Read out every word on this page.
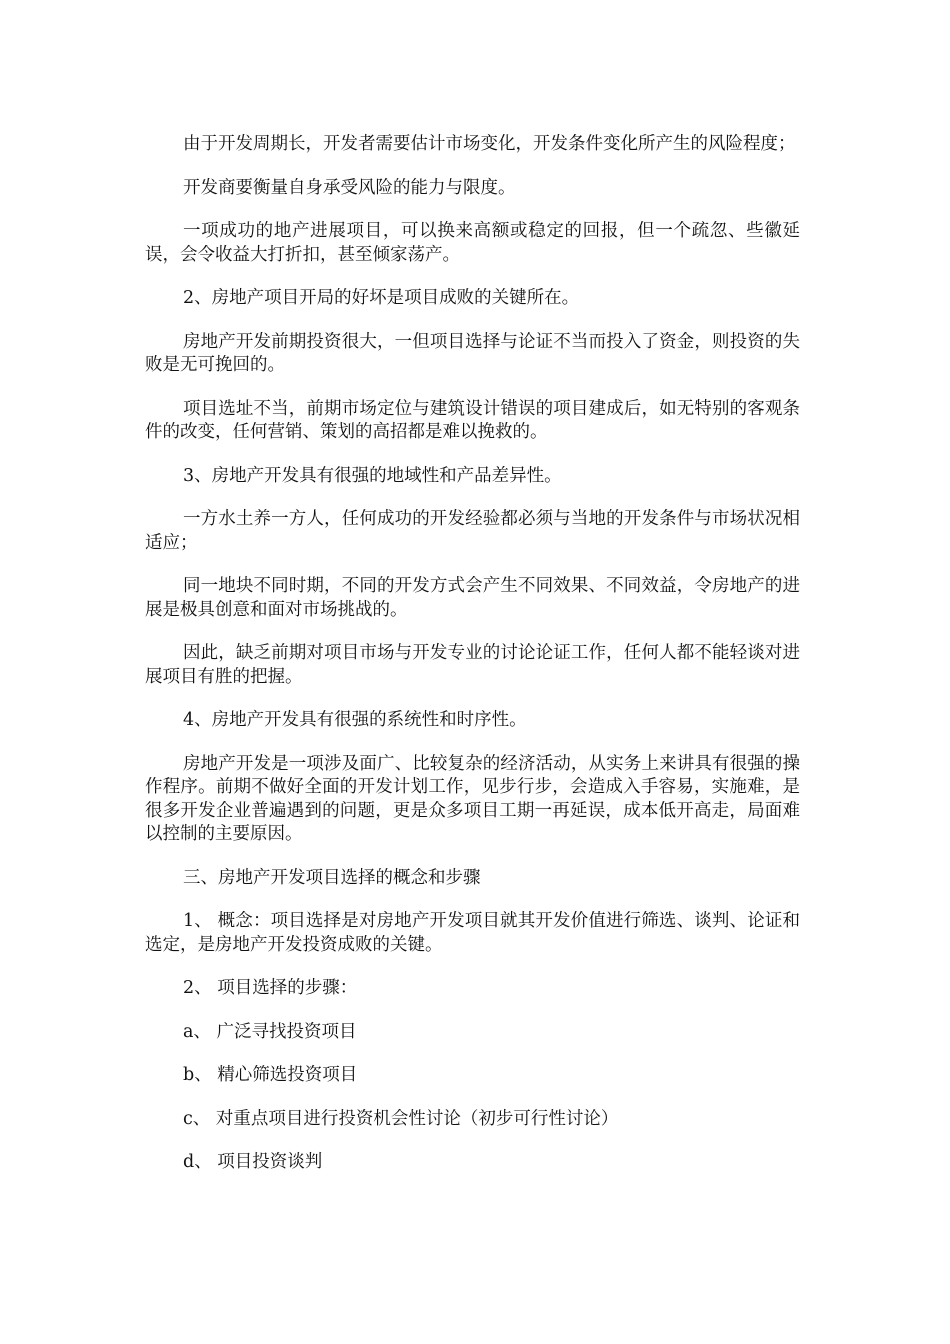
由于开发周期长，开发者需要估计市场变化，开发条件变化所产生的风险程度；

开发商要衡量自身承受风险的能力与限度。

一项成功的地产进展项目，可以换来高额或稳定的回报，但一个疏忽、些徽延误，会令收益大打折扣，甚至倾家荡产。

2、房地产项目开局的好坏是项目成败的关键所在。

房地产开发前期投资很大，一但项目选择与论证不当而投入了资金，则投资的失败是无可挽回的。

项目选址不当，前期市场定位与建筑设计错误的项目建成后，如无特别的客观条件的改变，任何营销、策划的高招都是难以挽救的。

3、房地产开发具有很强的地域性和产品差异性。

一方水土养一方人，任何成功的开发经验都必须与当地的开发条件与市场状况相适应；

同一地块不同时期，不同的开发方式会产生不同效果、不同效益，令房地产的进展是极具创意和面对市场挑战的。

因此，缺乏前期对项目市场与开发专业的讨论论证工作，任何人都不能轻谈对进展项目有胜的把握。

4、房地产开发具有很强的系统性和时序性。

房地产开发是一项涉及面广、比较复杂的经济活动，从实务上来讲具有很强的操作程序。前期不做好全面的开发计划工作，见步行步，会造成入手容易，实施难，是很多开发企业普遍遇到的问题，更是众多项目工期一再延误，成本低开高走，局面难以控制的主要原因。

三、房地产开发项目选择的概念和步骤

1、 概念：项目选择是对房地产开发项目就其开发价值进行筛选、谈判、论证和选定，是房地产开发投资成败的关键。

2、 项目选择的步骤：

a、 广泛寻找投资项目

b、 精心筛选投资项目

c、 对重点项目进行投资机会性讨论（初步可行性讨论）

d、 项目投资谈判
